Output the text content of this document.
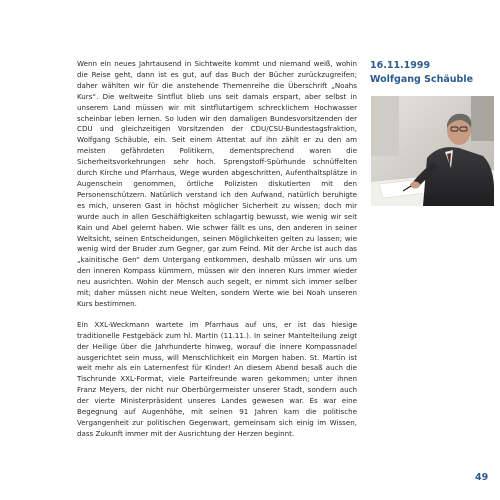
Wenn ein neues Jahrtausend in Sichtweite kommt und niemand weiß, wohin die Reise geht, dann ist es gut, auf das Buch der Bücher zurückzugreifen; daher wählten wir für die anstehende Themenreihe die Überschrift „Noahs Kurs“. Die weltweite Sintflut blieb uns seit damals erspart, aber selbst in unserem Land müssen wir mit sintflutartigem schrecklichem Hochwasser scheinbar leben lernen. So luden wir den damaligen Bundesvorsitzenden der CDU und gleichzeitigen Vorsitzenden der CDU/CSU-Bundestagsfraktion, Wolfgang Schäuble, ein. Seit einem Attentat auf ihn zählt er zu den am meisten gefährdeten Politikern, dementsprechend waren die Sicherheitsvorkehrungen sehr hoch. Sprengstoff-Spürhunde schnüffelten durch Kirche und Pfarrhaus, Wege wurden abgeschritten, Aufenthaltsplätze in Augenschein genommen, örtliche Polizisten diskutierten mit den Personenschützern. Natürlich verstand ich den Aufwand, natürlich beruhigte es mich, unseren Gast in höchst möglicher Sicherheit zu wissen; doch mir wurde auch in allen Geschäftigkeiten schlagartig bewusst, wie wenig wir seit Kain und Abel gelernt haben. Wie schwer fällt es uns, den anderen in seiner Weltsicht, seinen Entscheidungen, seinen Möglichkeiten gelten zu lassen; wie wenig wird der Bruder zum Gegner, gar zum Feind. Mit der Arche ist auch das „kainitische Gen“ dem Untergang entkommen, deshalb müssen wir uns um den inneren Kompass kümmern, müssen wir den inneren Kurs immer wieder neu ausrichten. Wohin der Mensch auch segelt, er nimmt sich immer selber mit; daher müssen nicht neue Welten, sondern Werte wie bei Noah unseren Kurs bestimmen.

Ein XXL-Weckmann wartete im Pfarrhaus auf uns, er ist das hiesige traditionelle Festgebäck zum hl. Martin (11.11.). In seiner Mantelteilung zeigt der Heilige über die Jahrhunderte hinweg, worauf die innere Kompassnadel ausgerichtet sein muss, will Menschlichkeit ein Morgen haben. St. Martin ist weit mehr als ein Laternenfest für Kinder! An diesem Abend besaß auch die Tischrunde XXL-Format, viele Parteifreunde waren gekommen; unter ihnen Franz Meyers, der nicht nur Oberbürgermeister unserer Stadt, sondern auch der vierte Ministerpräsident unseres Landes gewesen war. Es war eine Begegnung auf Augenhöhe, mit seinen 91 Jahren kam die politische Vergangenheit zur politischen Gegenwart, gemeinsam sich einig im Wissen, dass Zukunft immer mit der Ausrichtung der Herzen beginnt.

16.11.1999
Wolfgang Schäuble
49
